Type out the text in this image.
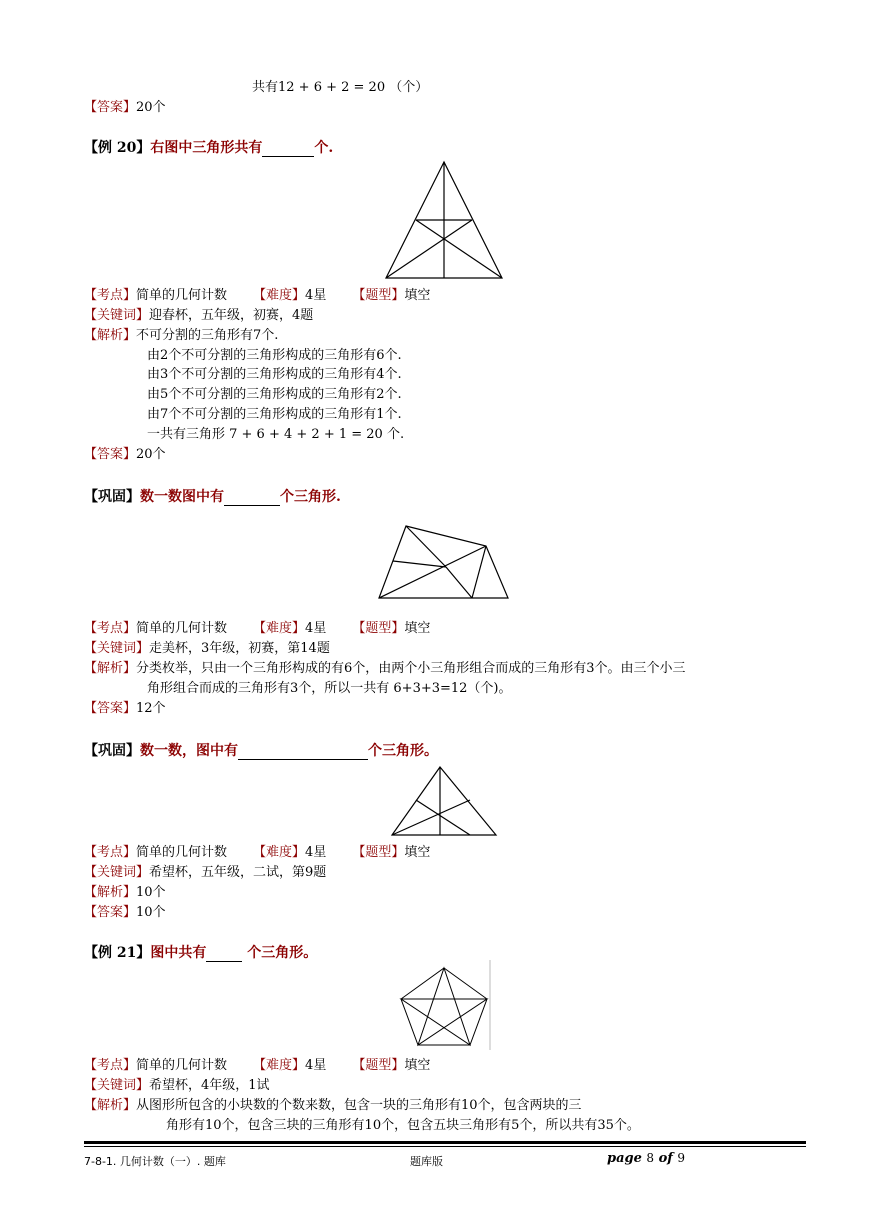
共有12 + 6 + 2 = 20 （个）
【答案】20个
【例 20】右图中三角形共有	个.
【考点】简单的几何计数 【难度】4星 【题型】填空
【关键词】迎春杯，五年级，初赛，4题
【解析】不可分割的三角形有7个.
由2个不可分割的三角形构成的三角形有6个.
由3个不可分割的三角形构成的三角形有4个.
由5个不可分割的三角形构成的三角形有2个.
由7个不可分割的三角形构成的三角形有1个.
一共有三角形 7 + 6 + 4 + 2 + 1 = 20 个.
【答案】20个
【巩固】数一数图中有	个三角形.
【考点】简单的几何计数 【难度】4星 【题型】填空
【关键词】走美杯，3年级，初赛，第14题
【解析】分类枚举，只由一个三角形构成的有6个，由两个小三角形组合而成的三角形有3个。由三个小三
角形组合而成的三角形有3个，所以一共有 6+3+3=12（个)。
【答案】12个
【巩固】数一数，图中有	个三角形。
【考点】简单的几何计数 【难度】4星 【题型】填空
【关键词】希望杯，五年级，二试，第9题
【解析】10个
【答案】10个
【例 21】图中共有	个三角形。
【考点】简单的几何计数 【难度】4星 【题型】填空
【关键词】希望杯，4年级，1试
【解析】从图形所包含的小块数的个数来数，包含一块的三角形有10个，包含两块的三
角形有10个，包含三块的三角形有10个，包含五块三角形有5个，所以共有35个。
7-8-1. 几何计数（一）. 题库	题库版	page 8 of 9
